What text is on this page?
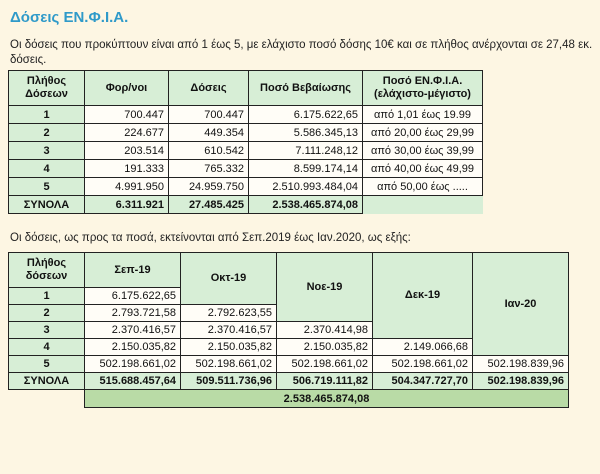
Δόσεις ΕΝ.Φ.Ι.Α.
Οι δόσεις που προκύπτουν είναι από 1 έως 5, με ελάχιστο ποσό δόσης 10€ και σε πλήθος ανέρχονται σε 27,48 εκ. δόσεις.
Πλήθος Δόσεων	Φορ/νοι	Δόσεις	Ποσό Βεβαίωσης	Ποσό ΕΝ.Φ.Ι.Α. (ελάχιστο-μέγιστο)
1	700.447	700.447	6.175.622,65	από 1,01 έως 19.99
2	224.677	449.354	5.586.345,13	από 20,00 έως 29,99
3	203.514	610.542	7.111.248,12	από 30,00 έως 39,99
4	191.333	765.332	8.599.174,14	από 40,00 έως 49,99
5	4.991.950	24.959.750	2.510.993.484,04	από 50,00 έως .....
ΣΥΝΟΛΑ	6.311.921	27.485.425	2.538.465.874,08	
Οι δόσεις, ως προς τα ποσά, εκτείνονται από Σεπ.2019 έως Ιαν.2020, ως εξής:
Πλήθος δόσεων	Σεπ-19	Οκτ-19	Νοε-19	Δεκ-19	Ιαν-20
1	6.175.622,65				
2	2.793.721,58	2.792.623,55			
3	2.370.416,57	2.370.416,57	2.370.414,98		
4	2.150.035,82	2.150.035,82	2.150.035,82	2.149.066,68	
5	502.198.661,02	502.198.661,02	502.198.661,02	502.198.661,02	502.198.839,96
ΣΥΝΟΛΑ	515.688.457,64	509.511.736,96	506.719.111,82	504.347.727,70	502.198.839,96
	2.538.465.874,08				
